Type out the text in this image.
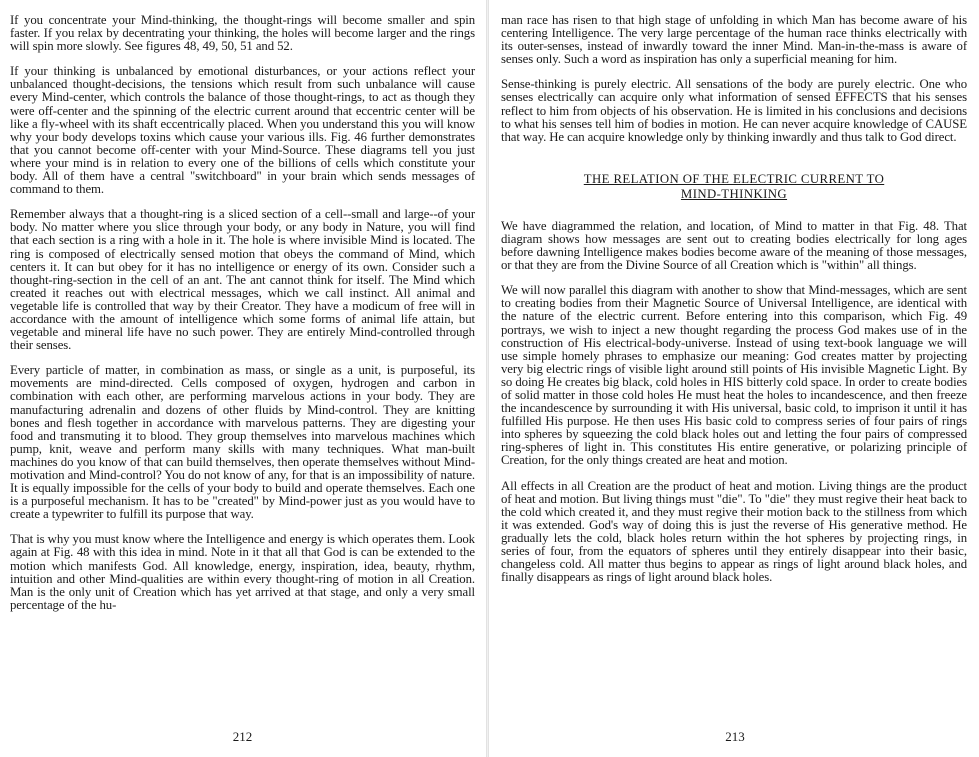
If you concentrate your Mind-thinking, the thought-rings will become smaller and spin faster. If you relax by decentrating your thinking, the holes will become larger and the rings will spin more slowly. See figures 48, 49, 50, 51 and 52.

If your thinking is unbalanced by emotional disturbances, or your actions reflect your unbalanced thought-decisions, the tensions which result from such unbalance will cause every Mind-center, which controls the balance of those thought-rings, to act as though they were off-center and the spinning of the electric current around that eccentric center will be like a fly-wheel with its shaft eccentrically placed. When you understand this you will know why your body develops toxins which cause your various ills. Fig. 46 further demonstrates that you cannot become off-center with your Mind-Source. These diagrams tell you just where your mind is in relation to every one of the billions of cells which constitute your body. All of them have a central "switchboard" in your brain which sends messages of command to them.

Remember always that a thought-ring is a sliced section of a cell--small and large--of your body. No matter where you slice through your body, or any body in Nature, you will find that each section is a ring with a hole in it. The hole is where invisible Mind is located. The ring is composed of electrically sensed motion that obeys the command of Mind, which centers it. It can but obey for it has no intelligence or energy of its own. Consider such a thought-ring-section in the cell of an ant. The ant cannot think for itself. The Mind which created it reaches out with electrical messages, which we call instinct. All animal and vegetable life is controlled that way by their Creator. They have a modicum of free will in accordance with the amount of intelligence which some forms of animal life attain, but vegetable and mineral life have no such power. They are entirely Mind-controlled through their senses.

Every particle of matter, in combination as mass, or single as a unit, is purposeful, its movements are mind-directed. Cells composed of oxygen, hydrogen and carbon in combination with each other, are performing marvelous actions in your body. They are manufacturing adrenalin and dozens of other fluids by Mind-control. They are knitting bones and flesh together in accordance with marvelous patterns. They are digesting your food and transmuting it to blood. They group themselves into marvelous machines which pump, knit, weave and perform many skills with many techniques. What man-built machines do you know of that can build themselves, then operate themselves without Mind-motivation and Mind-control? You do not know of any, for that is an impossibility of nature. It is equally impossible for the cells of your body to build and operate themselves. Each one is a purposeful mechanism. It has to be "created" by Mind-power just as you would have to create a typewriter to fulfill its purpose that way.

That is why you must know where the Intelligence and energy is which operates them. Look again at Fig. 48 with this idea in mind. Note in it that all that God is can be extended to the motion which manifests God. All knowledge, energy, inspiration, idea, beauty, rhythm, intuition and other Mind-qualities are within every thought-ring of motion in all Creation. Man is the only unit of Creation which has yet arrived at that stage, and only a very small percentage of the hu-

212

man race has risen to that high stage of unfolding in which Man has become aware of his centering Intelligence. The very large percentage of the human race thinks electrically with its outer-senses, instead of inwardly toward the inner Mind. Man-in-the-mass is aware of senses only. Such a word as inspiration has only a superficial meaning for him.

Sense-thinking is purely electric. All sensations of the body are purely electric. One who senses electrically can acquire only what information of sensed EFFECTS that his senses reflect to him from objects of his observation. He is limited in his conclusions and decisions to what his senses tell him of bodies in motion. He can never acquire knowledge of CAUSE that way. He can acquire knowledge only by thinking inwardly and thus talk to God direct.

THE RELATION OF THE ELECTRIC CURRENT TO

MIND-THINKING

We have diagrammed the relation, and location, of Mind to matter in that Fig. 48. That diagram shows how messages are sent out to creating bodies electrically for long ages before dawning Intelligence makes bodies become aware of the meaning of those messages, or that they are from the Divine Source of all Creation which is "within" all things.

We will now parallel this diagram with another to show that Mind-messages, which are sent to creating bodies from their Magnetic Source of Universal Intelligence, are identical with the nature of the electric current. Before entering into this comparison, which Fig. 49 portrays, we wish to inject a new thought regarding the process God makes use of in the construction of His electrical-body-universe. Instead of using text-book language we will use simple homely phrases to emphasize our meaning: God creates matter by projecting very big electric rings of visible light around still points of His invisible Magnetic Light. By so doing He creates big black, cold holes in HIS bitterly cold space. In order to create bodies of solid matter in those cold holes He must heat the holes to incandescence, and then freeze the incandescence by surrounding it with His universal, basic cold, to imprison it until it has fulfilled His purpose. He then uses His basic cold to compress series of four pairs of rings into spheres by squeezing the cold black holes out and letting the four pairs of compressed ring-spheres of light in. This constitutes His entire generative, or polarizing principle of Creation, for the only things created are heat and motion.

All effects in all Creation are the product of heat and motion. Living things are the product of heat and motion. But living things must "die". To "die" they must regive their heat back to the cold which created it, and they must regive their motion back to the stillness from which it was extended. God's way of doing this is just the reverse of His generative method. He gradually lets the cold, black holes return within the hot spheres by projecting rings, in series of four, from the equators of spheres until they entirely disappear into their basic, changeless cold. All matter thus begins to appear as rings of light around black holes, and finally disappears as rings of light around black holes.

213
